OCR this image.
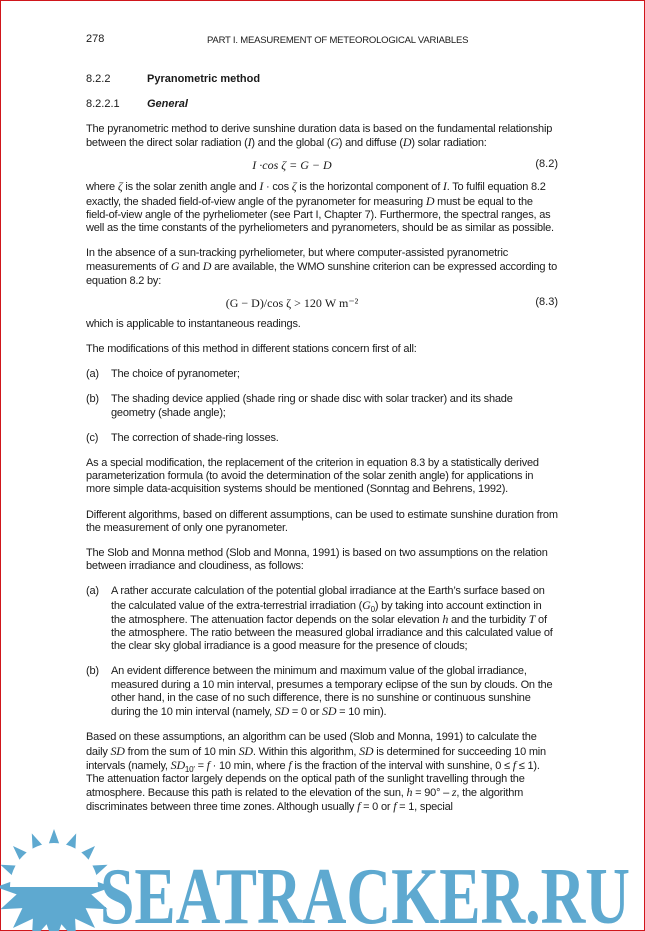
278	PART I. MEASUREMENT OF METEOROLOGICAL VARIABLES
8.2.2	Pyranometric method
8.2.2.1 General
The pyranometric method to derive sunshine duration data is based on the fundamental relationship between the direct solar radiation (I) and the global (G) and diffuse (D) solar radiation:
I ·cos ζ = G − D	(8.2)
where ζ is the solar zenith angle and I · cos ζ is the horizontal component of I. To fulfil equation 8.2 exactly, the shaded field-of-view angle of the pyranometer for measuring D must be equal to the field-of-view angle of the pyrheliometer (see Part I, Chapter 7). Furthermore, the spectral ranges, as well as the time constants of the pyrheliometers and pyranometers, should be as similar as possible.
In the absence of a sun-tracking pyrheliometer, but where computer-assisted pyranometric measurements of G and D are available, the WMO sunshine criterion can be expressed according to equation 8.2 by:
(G − D)/cos ζ > 120 W m⁻²	(8.3)
which is applicable to instantaneous readings.
The modifications of this method in different stations concern first of all:
(a) The choice of pyranometer;
(b) The shading device applied (shade ring or shade disc with solar tracker) and its shade geometry (shade angle);
(c) The correction of shade-ring losses.
As a special modification, the replacement of the criterion in equation 8.3 by a statistically derived parameterization formula (to avoid the determination of the solar zenith angle) for applications in more simple data-acquisition systems should be mentioned (Sonntag and Behrens, 1992).
Different algorithms, based on different assumptions, can be used to estimate sunshine duration from the measurement of only one pyranometer.
The Slob and Monna method (Slob and Monna, 1991) is based on two assumptions on the relation between irradiance and cloudiness, as follows:
(a) A rather accurate calculation of the potential global irradiance at the Earth’s surface based on the calculated value of the extra-terrestrial irradiation $(G_0)$ by taking into account extinction in the atmosphere. The attenuation factor depends on the solar elevation h and the turbidity T of the atmosphere. The ratio between the measured global irradiance and this calculated value of the clear sky global irradiance is a good measure for the presence of clouds;
(b) An evident difference between the minimum and maximum value of the global irradiance, measured during a 10 min interval, presumes a temporary eclipse of the sun by clouds. On the other hand, in the case of no such difference, there is no sunshine or continuous sunshine during the 10 min interval (namely, SD = 0 or SD = 10 min).
Based on these assumptions, an algorithm can be used (Slob and Monna, 1991) to calculate the daily SD from the sum of 10 min SD. Within this algorithm, SD is determined for succeeding 10 min intervals (namely, $SD_{10'} = f \cdot 10$ min, where f is the fraction of the interval with sunshine, 0 ≤ f ≤ 1). The attenuation factor largely depends on the optical path of the sunlight travelling through the atmosphere. Because this path is related to the elevation of the sun, h = 90° – z, the algorithm discriminates between three time zones. Although usually f = 0 or f = 1, special
SEATRACKER.RU
